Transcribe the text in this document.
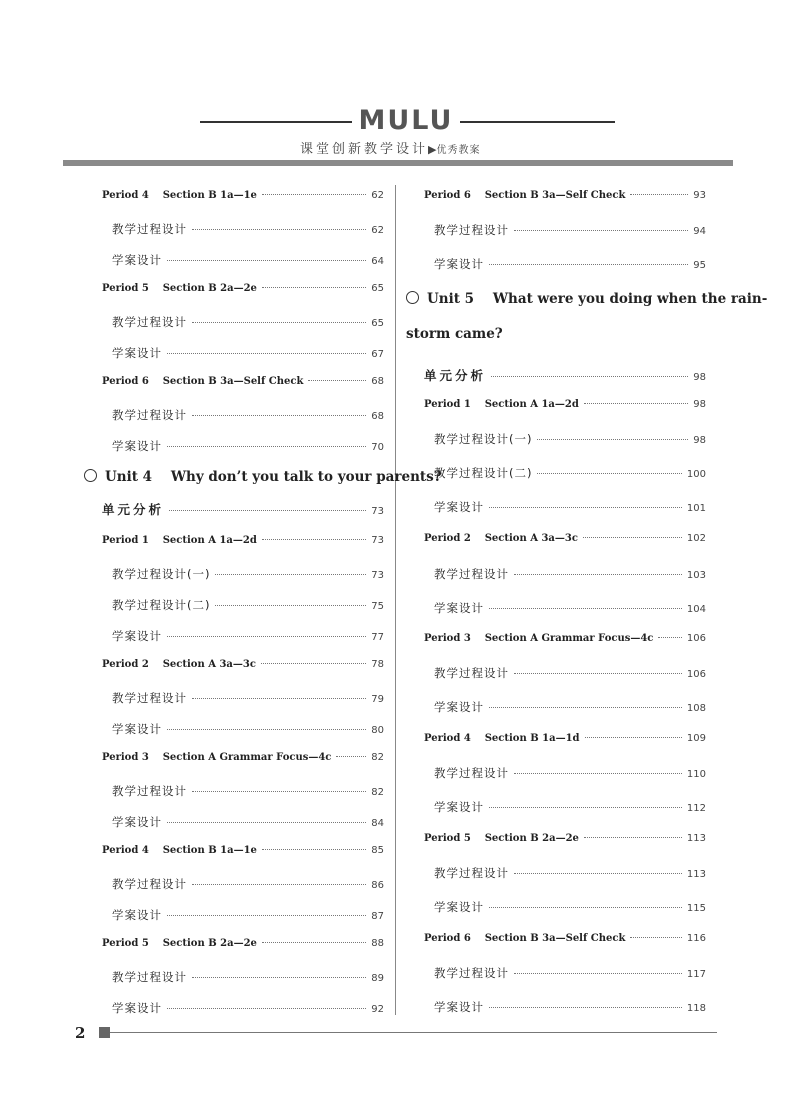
MULU
课堂创新教学设计▶优秀教案
Unit 4    Why don’t you talk to your parents?
Period 4    Section B 1a—1e	62
教学过程设计	62
学案设计	64
Period 5    Section B 2a—2e	65
教学过程设计	65
学案设计	67
Period 6    Section B 3a—Self Check	68
教学过程设计	68
学案设计	70
单元分析	73
Period 1    Section A 1a—2d	73
教学过程设计(一)	73
教学过程设计(二)	75
学案设计	77
Period 2    Section A 3a—3c	78
教学过程设计	79
学案设计	80
Period 3    Section A Grammar Focus—4c	82
教学过程设计	82
学案设计	84
Period 4    Section B 1a—1e	85
教学过程设计	86
学案设计	87
Period 5    Section B 2a—2e	88
教学过程设计	89
学案设计	92
Unit 5    What were you doing when the rain-
storm came?
Period 6    Section B 3a—Self Check	93
教学过程设计	94
学案设计	95
单元分析	98
Period 1    Section A 1a—2d	98
教学过程设计(一)	98
教学过程设计(二)	100
学案设计	101
Period 2    Section A 3a—3c	102
教学过程设计	103
学案设计	104
Period 3    Section A Grammar Focus—4c	106
教学过程设计	106
学案设计	108
Period 4    Section B 1a—1d	109
教学过程设计	110
学案设计	112
Period 5    Section B 2a—2e	113
教学过程设计	113
学案设计	115
Period 6    Section B 3a—Self Check	116
教学过程设计	117
学案设计	118
2
